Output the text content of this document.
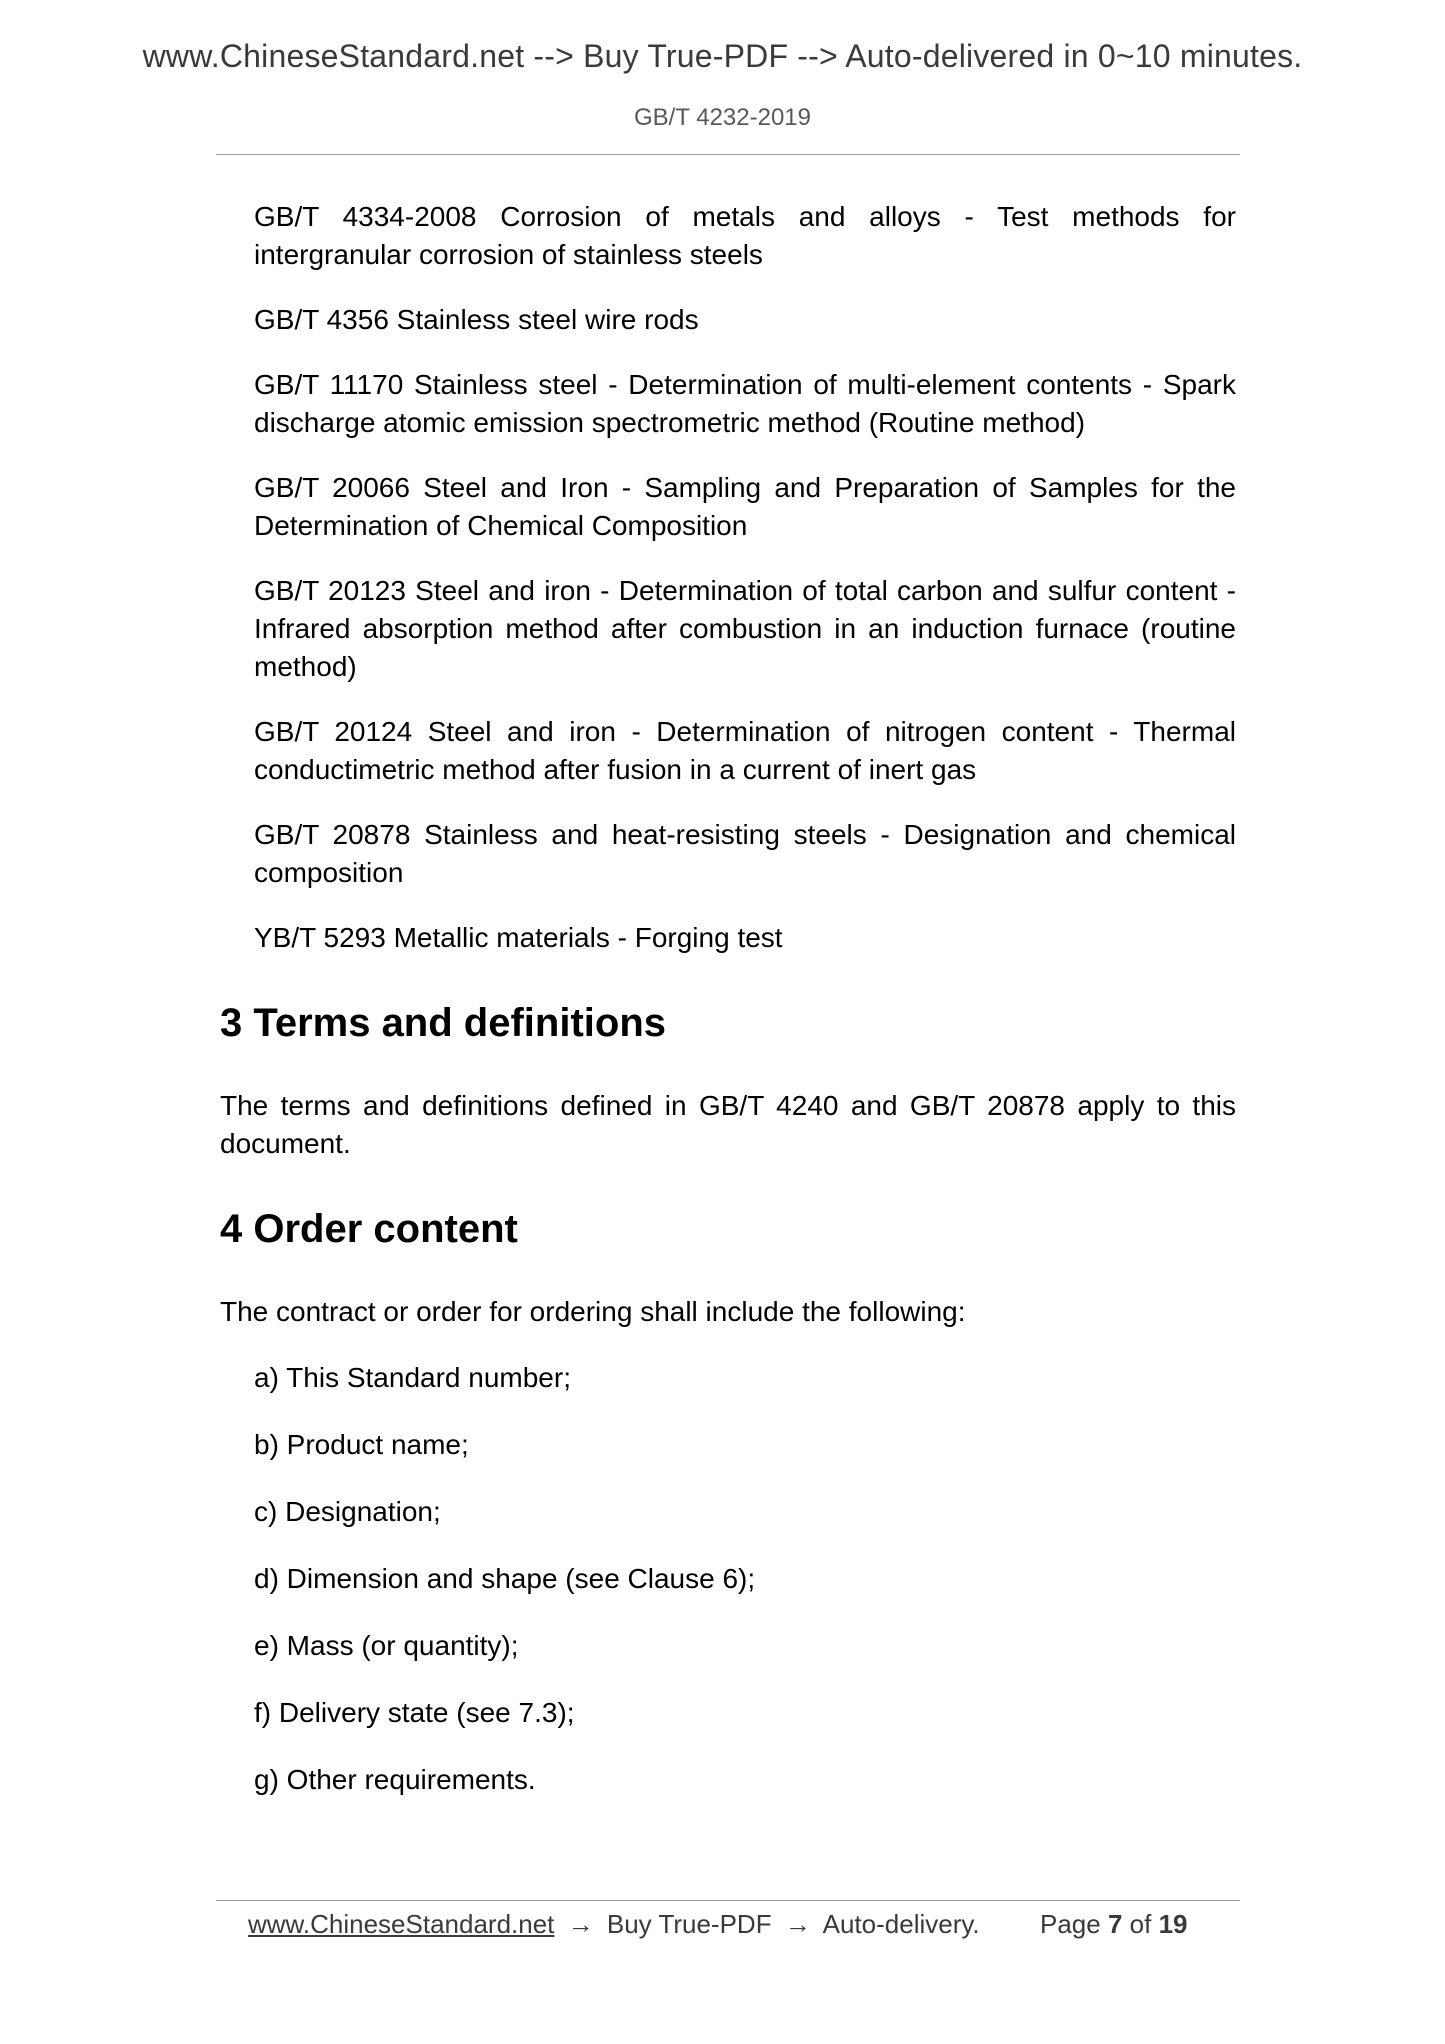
www.ChineseStandard.net --> Buy True-PDF --> Auto-delivered in 0~10 minutes.
GB/T 4232-2019

GB/T 4334-2008 Corrosion of metals and alloys - Test methods for intergranular corrosion of stainless steels

GB/T 4356 Stainless steel wire rods

GB/T 11170 Stainless steel - Determination of multi-element contents - Spark discharge atomic emission spectrometric method (Routine method)

GB/T 20066 Steel and Iron - Sampling and Preparation of Samples for the Determination of Chemical Composition

GB/T 20123 Steel and iron - Determination of total carbon and sulfur content - Infrared absorption method after combustion in an induction furnace (routine method)

GB/T 20124 Steel and iron - Determination of nitrogen content - Thermal conductimetric method after fusion in a current of inert gas

GB/T 20878 Stainless and heat-resisting steels - Designation and chemical composition

YB/T 5293 Metallic materials - Forging test

3 Terms and definitions

The terms and definitions defined in GB/T 4240 and GB/T 20878 apply to this document.

4 Order content

The contract or order for ordering shall include the following:

a) This Standard number;
b) Product name;
c) Designation;
d) Dimension and shape (see Clause 6);
e) Mass (or quantity);
f) Delivery state (see 7.3);
g) Other requirements.
www.ChineseStandard.net → Buy True-PDF → Auto-delivery. Page 7 of 19
